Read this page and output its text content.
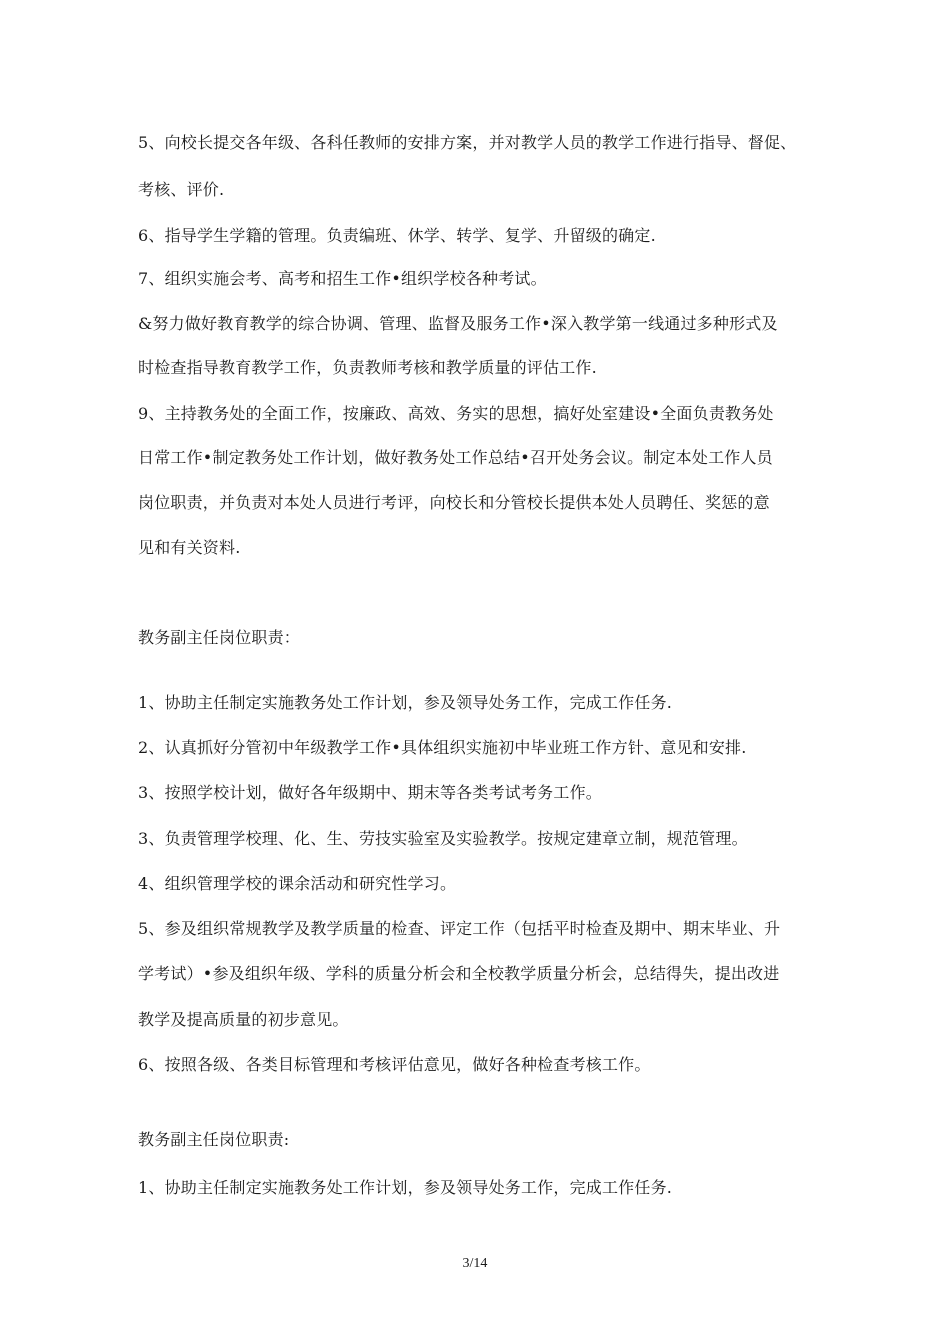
5、向校长提交各年级、各科任教师的安排方案，并对教学人员的教学工作进行指导、督促、
考核、评价.
6、指导学生学籍的管理。负责编班、休学、转学、复学、升留级的确定.
7、组织实施会考、高考和招生工作•组织学校各种考试。
&努力做好教育教学的综合协调、管理、监督及服务工作•深入教学第一线通过多种形式及
时检查指导教育教学工作，负责教师考核和教学质量的评估工作.
9、主持教务处的全面工作，按廉政、高效、务实的思想，搞好处室建设•全面负责教务处
日常工作•制定教务处工作计划，做好教务处工作总结•召开处务会议。制定本处工作人员
岗位职责，并负责对本处人员进行考评，向校长和分管校长提供本处人员聘任、奖惩的意
见和有关资料.
教务副主任岗位职责：
1、协助主任制定实施教务处工作计划，参及领导处务工作，完成工作任务.
2、认真抓好分管初中年级教学工作•具体组织实施初中毕业班工作方针、意见和安排.
3、按照学校计划，做好各年级期中、期末等各类考试考务工作。
3、负责管理学校理、化、生、劳技实验室及实验教学。按规定建章立制，规范管理。
4、组织管理学校的课余活动和研究性学习。
5、参及组织常规教学及教学质量的检查、评定工作（包括平时检查及期中、期末毕业、升
学考试）•参及组织年级、学科的质量分析会和全校教学质量分析会，总结得失，提出改进
教学及提高质量的初步意见。
6、按照各级、各类目标管理和考核评估意见，做好各种检查考核工作。
教务副主任岗位职责:
1、协助主任制定实施教务处工作计划，参及领导处务工作，完成工作任务.
3/14
